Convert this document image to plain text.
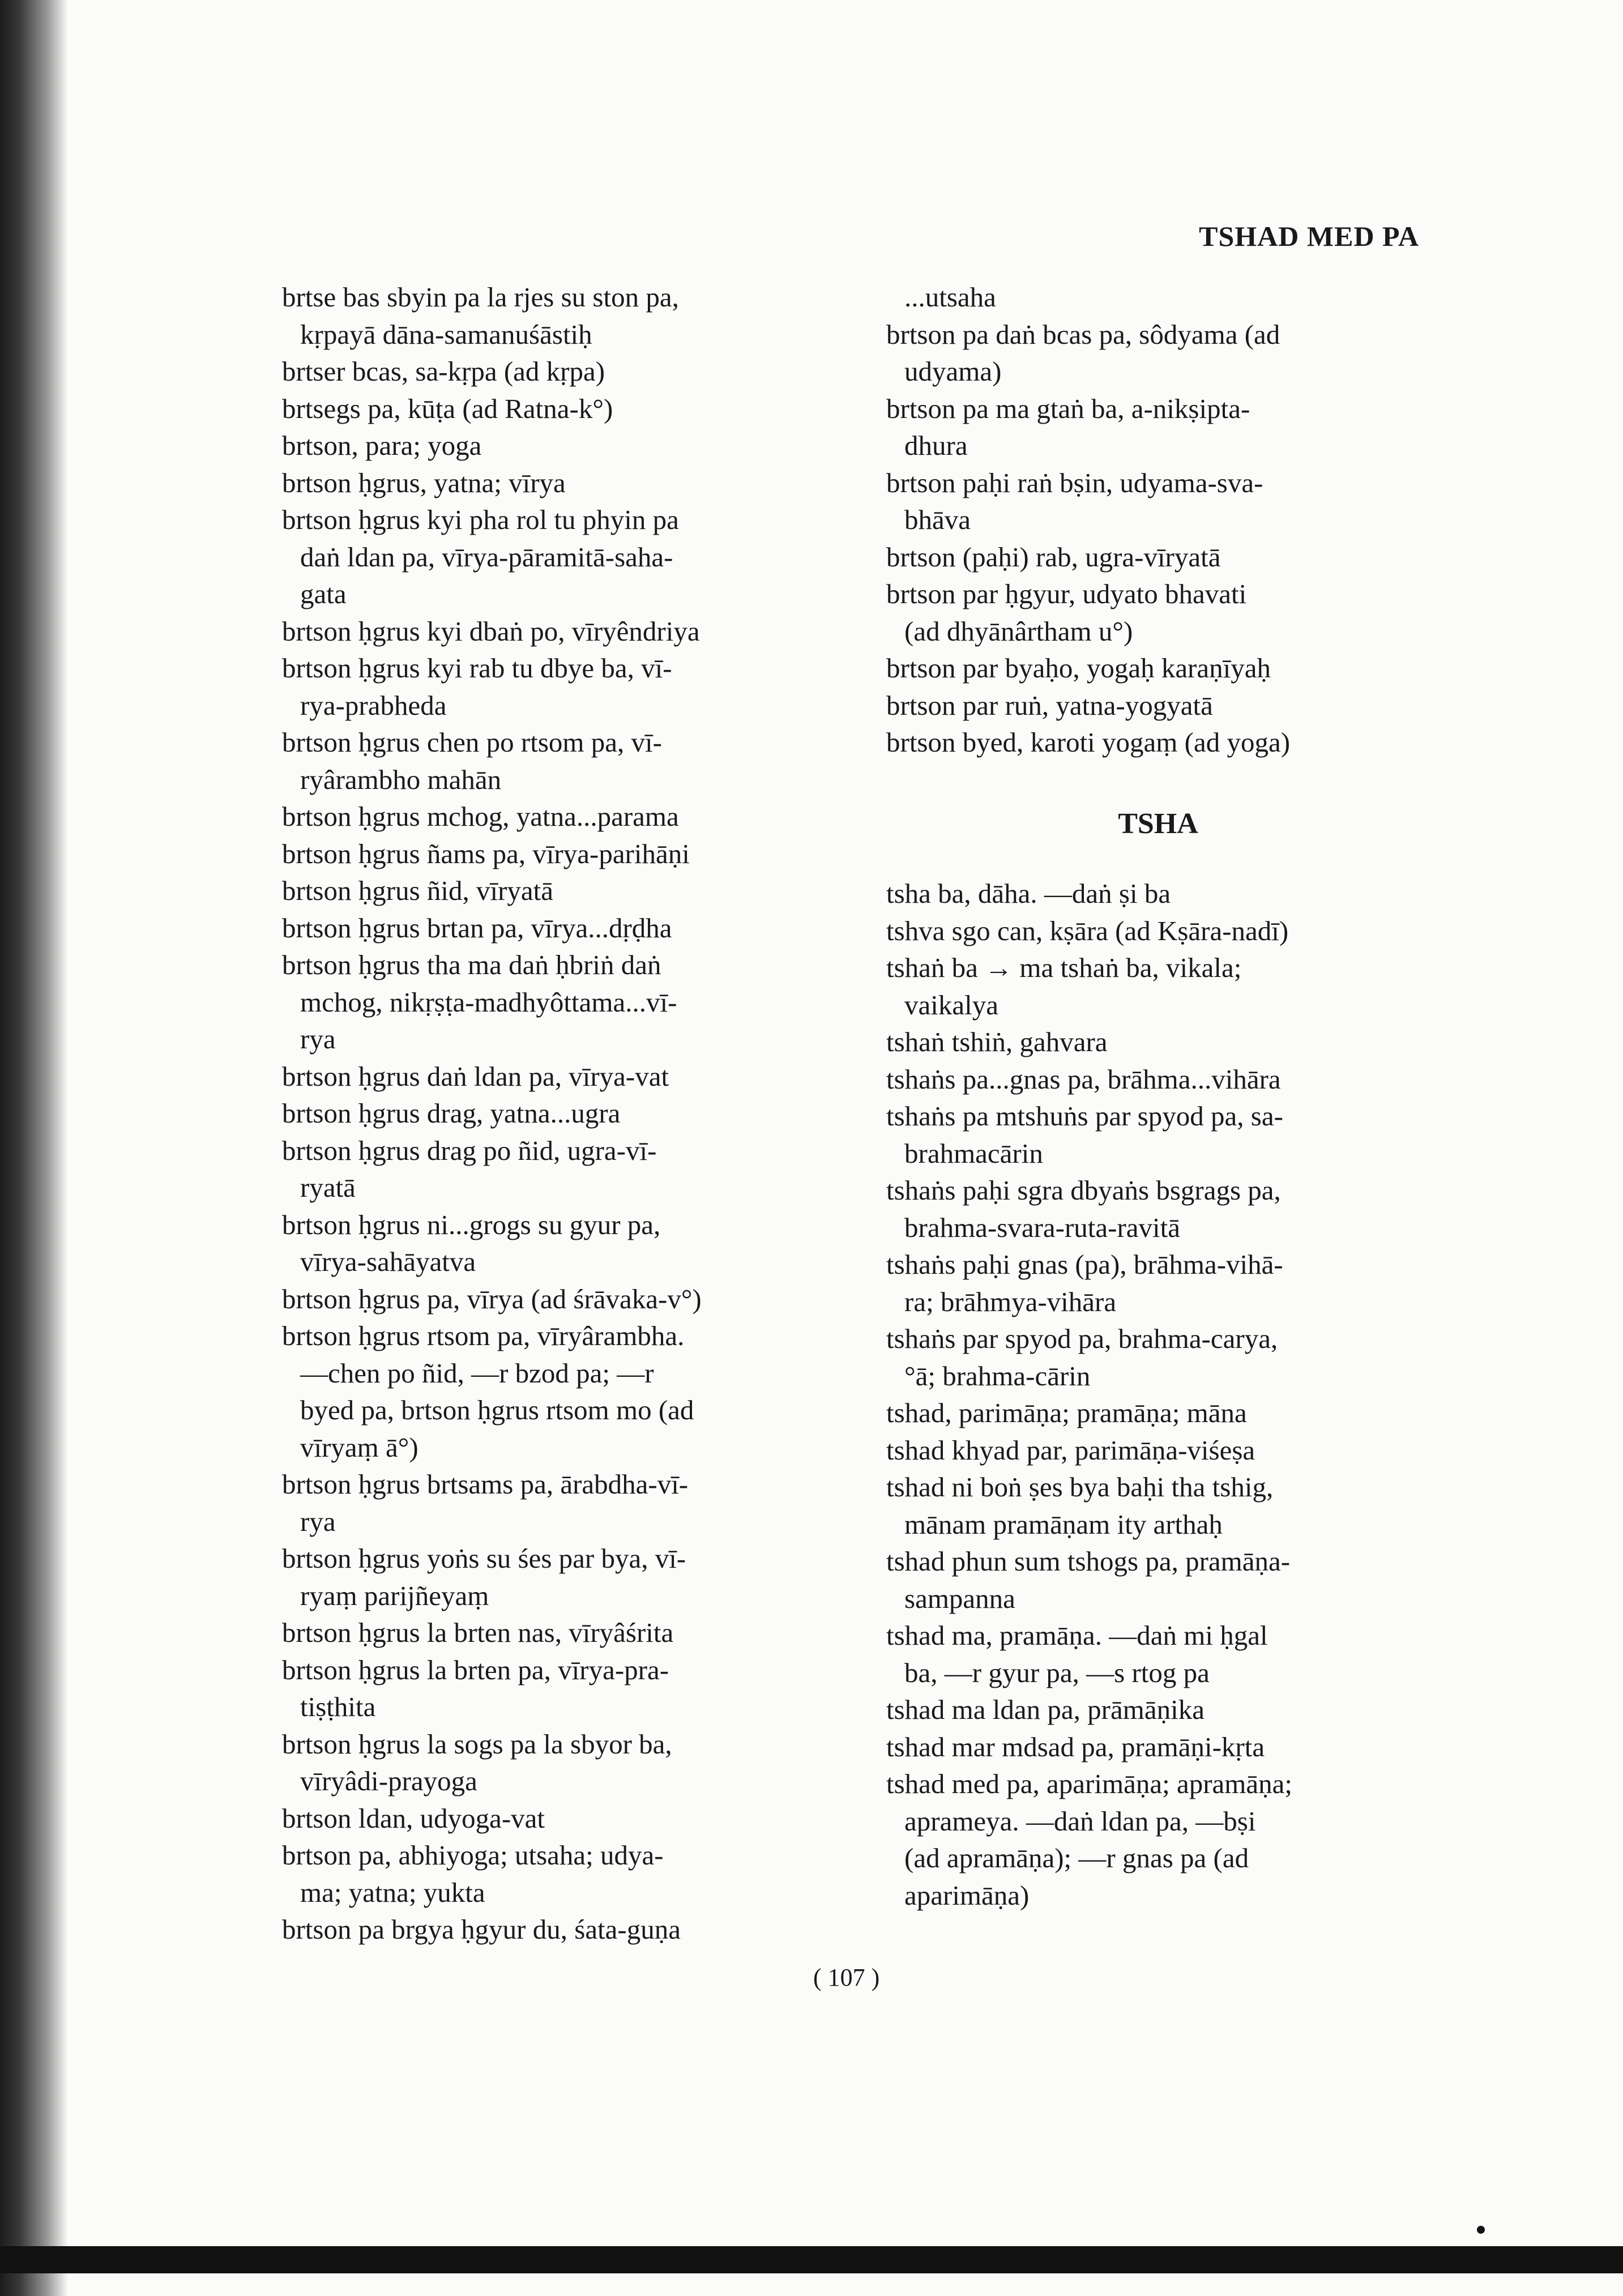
TSHAD MED PA
brtse bas sbyin pa la rjes su ston pa,
kṛpayā dāna-samanuśāstiḥ
brtser bcas, sa-kṛpa (ad kṛpa)
brtsegs pa, kūṭa (ad Ratna-k°)
brtson, para; yoga
brtson ḥgrus, yatna; vīrya
brtson ḥgrus kyi pha rol tu phyin pa
daṅ ldan pa, vīrya-pāramitā-saha-
gata
brtson ḥgrus kyi dbaṅ po, vīryêndriya
brtson ḥgrus kyi rab tu dbye ba, vī-
rya-prabheda
brtson ḥgrus chen po rtsom pa, vī-
ryârambho mahān
brtson ḥgrus mchog, yatna...parama
brtson ḥgrus ñams pa, vīrya-parihāṇi
brtson ḥgrus ñid, vīryatā
brtson ḥgrus brtan pa, vīrya...dṛḍha
brtson ḥgrus tha ma daṅ ḥbriṅ daṅ
mchog, nikṛṣṭa-madhyôttama...vī-
rya
brtson ḥgrus daṅ ldan pa, vīrya-vat
brtson ḥgrus drag, yatna...ugra
brtson ḥgrus drag po ñid, ugra-vī-
ryatā
brtson ḥgrus ni...grogs su gyur pa,
vīrya-sahāyatva
brtson ḥgrus pa, vīrya (ad śrāvaka-v°)
brtson ḥgrus rtsom pa, vīryârambha.
—chen po ñid, —r bzod pa; —r
byed pa, brtson ḥgrus rtsom mo (ad
vīryaṃ ā°)
brtson ḥgrus brtsams pa, ārabdha-vī-
rya
brtson ḥgrus yoṅs su śes par bya, vī-
ryaṃ parijñeyaṃ
brtson ḥgrus la brten nas, vīryâśrita
brtson ḥgrus la brten pa, vīrya-pra-
tiṣṭhita
brtson ḥgrus la sogs pa la sbyor ba,
vīryâdi-prayoga
brtson ldan, udyoga-vat
brtson pa, abhiyoga; utsaha; udya-
ma; yatna; yukta
brtson pa brgya ḥgyur du, śata-guṇa
...utsaha
brtson pa daṅ bcas pa, sôdyama (ad
udyama)
brtson pa ma gtaṅ ba, a-nikṣipta-
dhura
brtson paḥi raṅ bṣin, udyama-sva-
bhāva
brtson (paḥi) rab, ugra-vīryatā
brtson par ḥgyur, udyato bhavati
(ad dhyānârtham u°)
brtson par byaḥo, yogaḥ karaṇīyaḥ
brtson par ruṅ, yatna-yogyatā
brtson byed, karoti yogaṃ (ad yoga)
TSHA
tsha ba, dāha. —daṅ ṣi ba
tshva sgo can, kṣāra (ad Kṣāra-nadī)
tshaṅ ba → ma tshaṅ ba, vikala;
vaikalya
tshaṅ tshiṅ, gahvara
tshaṅs pa...gnas pa, brāhma...vihāra
tshaṅs pa mtshuṅs par spyod pa, sa-
brahmacārin
tshaṅs paḥi sgra dbyaṅs bsgrags pa,
brahma-svara-ruta-ravitā
tshaṅs paḥi gnas (pa), brāhma-vihā-
ra; brāhmya-vihāra
tshaṅs par spyod pa, brahma-carya,
°ā; brahma-cārin
tshad, parimāṇa; pramāṇa; māna
tshad khyad par, parimāṇa-viśeṣa
tshad ni boṅ ṣes bya baḥi tha tshig,
mānam pramāṇam ity arthaḥ
tshad phun sum tshogs pa, pramāṇa-
sampanna
tshad ma, pramāṇa. —daṅ mi ḥgal
ba, —r gyur pa, —s rtog pa
tshad ma ldan pa, prāmāṇika
tshad mar mdsad pa, pramāṇi-kṛta
tshad med pa, aparimāṇa; apramāṇa;
aprameya. —daṅ ldan pa, —bṣi
(ad apramāṇa); —r gnas pa (ad
aparimāṇa)
( 107 )
